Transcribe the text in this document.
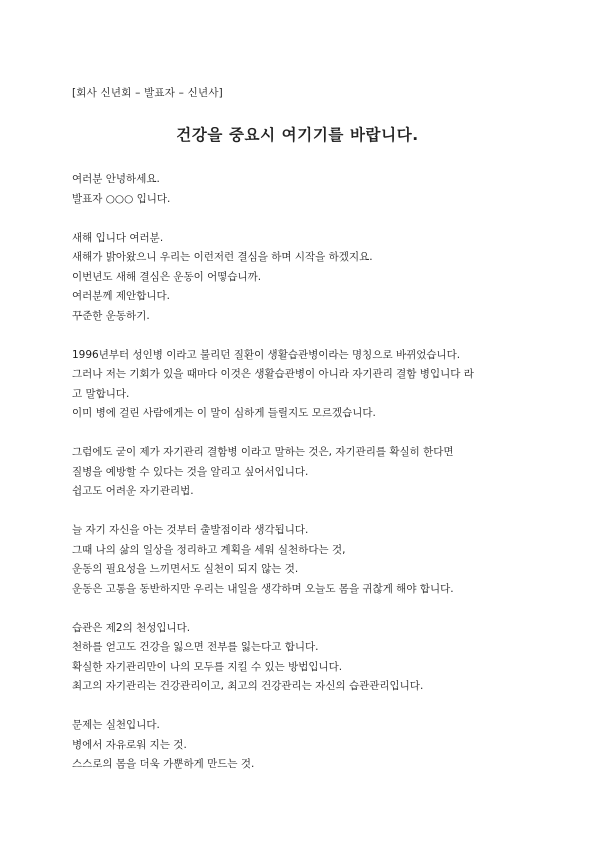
[회사 신년회 – 발표자 – 신년사]
건강을 중요시 여기기를 바랍니다.
여러분 안녕하세요.
발표자 ○○○ 입니다.
새해 입니다 여러분.
새해가 밝아왔으니 우리는 이런저런 결심을 하며 시작을 하겠지요.
이번년도 새해 결심은 운동이 어떻습니까.
여러분께 제안합니다.
꾸준한 운동하기.
1996년부터 성인병 이라고 불리던 질환이 생활습관병이라는 명칭으로 바뀌었습니다.
그러나 저는 기회가 있을 때마다 이것은 생활습관병이 아니라 자기관리 결함 병입니다 라
고 말합니다.
이미 병에 걸린 사람에게는 이 말이 심하게 들릴지도 모르겠습니다.
그럼에도 굳이 제가 자기관리 결함병 이라고 말하는 것은, 자기관리를 확실히 한다면
질병을 예방할 수 있다는 것을 알리고 싶어서입니다.
쉽고도 어려운 자기관리법.
늘 자기 자신을 아는 것부터 출발점이라 생각됩니다.
그때 나의 삶의 일상을 정리하고 계획을 세워 실천하다는 것,
운동의 필요성을 느끼면서도 실천이 되지 않는 것.
운동은 고통을 동반하지만 우리는 내일을 생각하며 오늘도 몸을 귀찮게 해야 합니다.
습관은 제2의 천성입니다.
천하를 얻고도 건강을 잃으면 전부를 잃는다고 합니다.
확실한 자기관리만이 나의 모두를 지킬 수 있는 방법입니다.
최고의 자기관리는 건강관리이고, 최고의 건강관리는 자신의 습관관리입니다.
문제는 실천입니다.
병에서 자유로워 지는 것.
스스로의 몸을 더욱 가뿐하게 만드는 것.
